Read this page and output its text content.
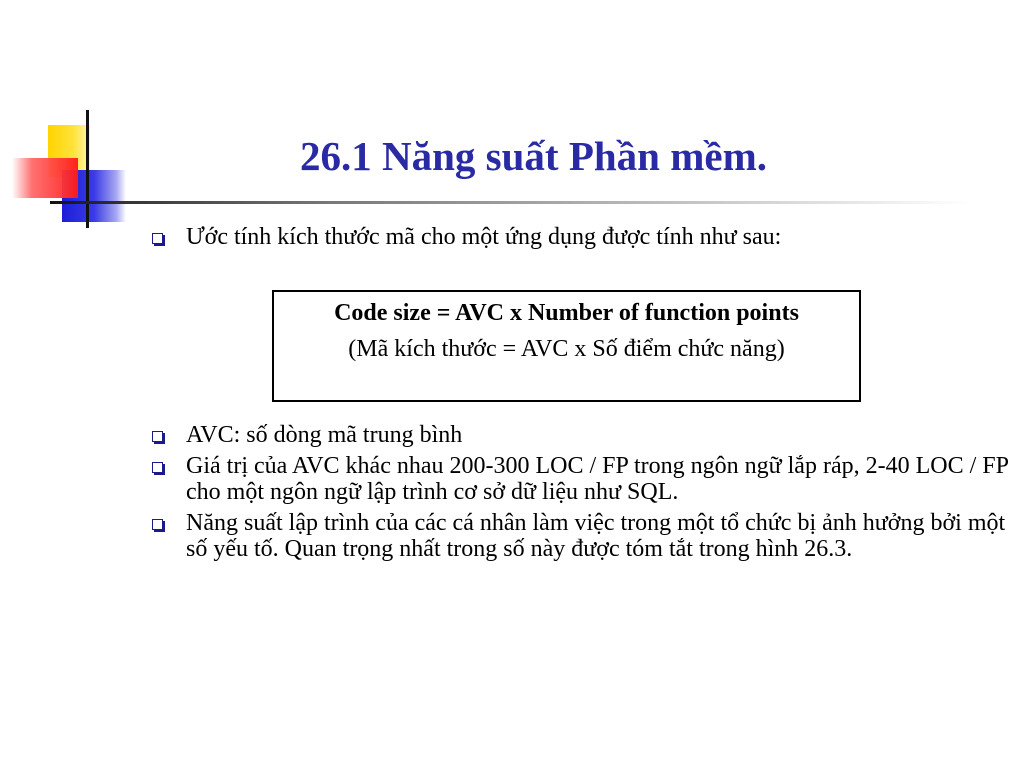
26.1 Năng suất Phần mềm.
Ước tính kích thước mã cho một ứng dụng được tính như sau:
AVC: số dòng mã trung bình
Giá trị của AVC khác nhau 200-300 LOC / FP trong ngôn ngữ lắp ráp, 2-40 LOC / FP cho một ngôn ngữ lập trình cơ sở dữ liệu như SQL.
Năng suất lập trình của các cá nhân làm việc trong một tổ chức bị ảnh hưởng bởi một số yếu tố. Quan trọng nhất trong số này được tóm tắt trong hình 26.3.
Code size = AVC x Number of function points
(Mã kích thước = AVC x Số điểm chức năng)
